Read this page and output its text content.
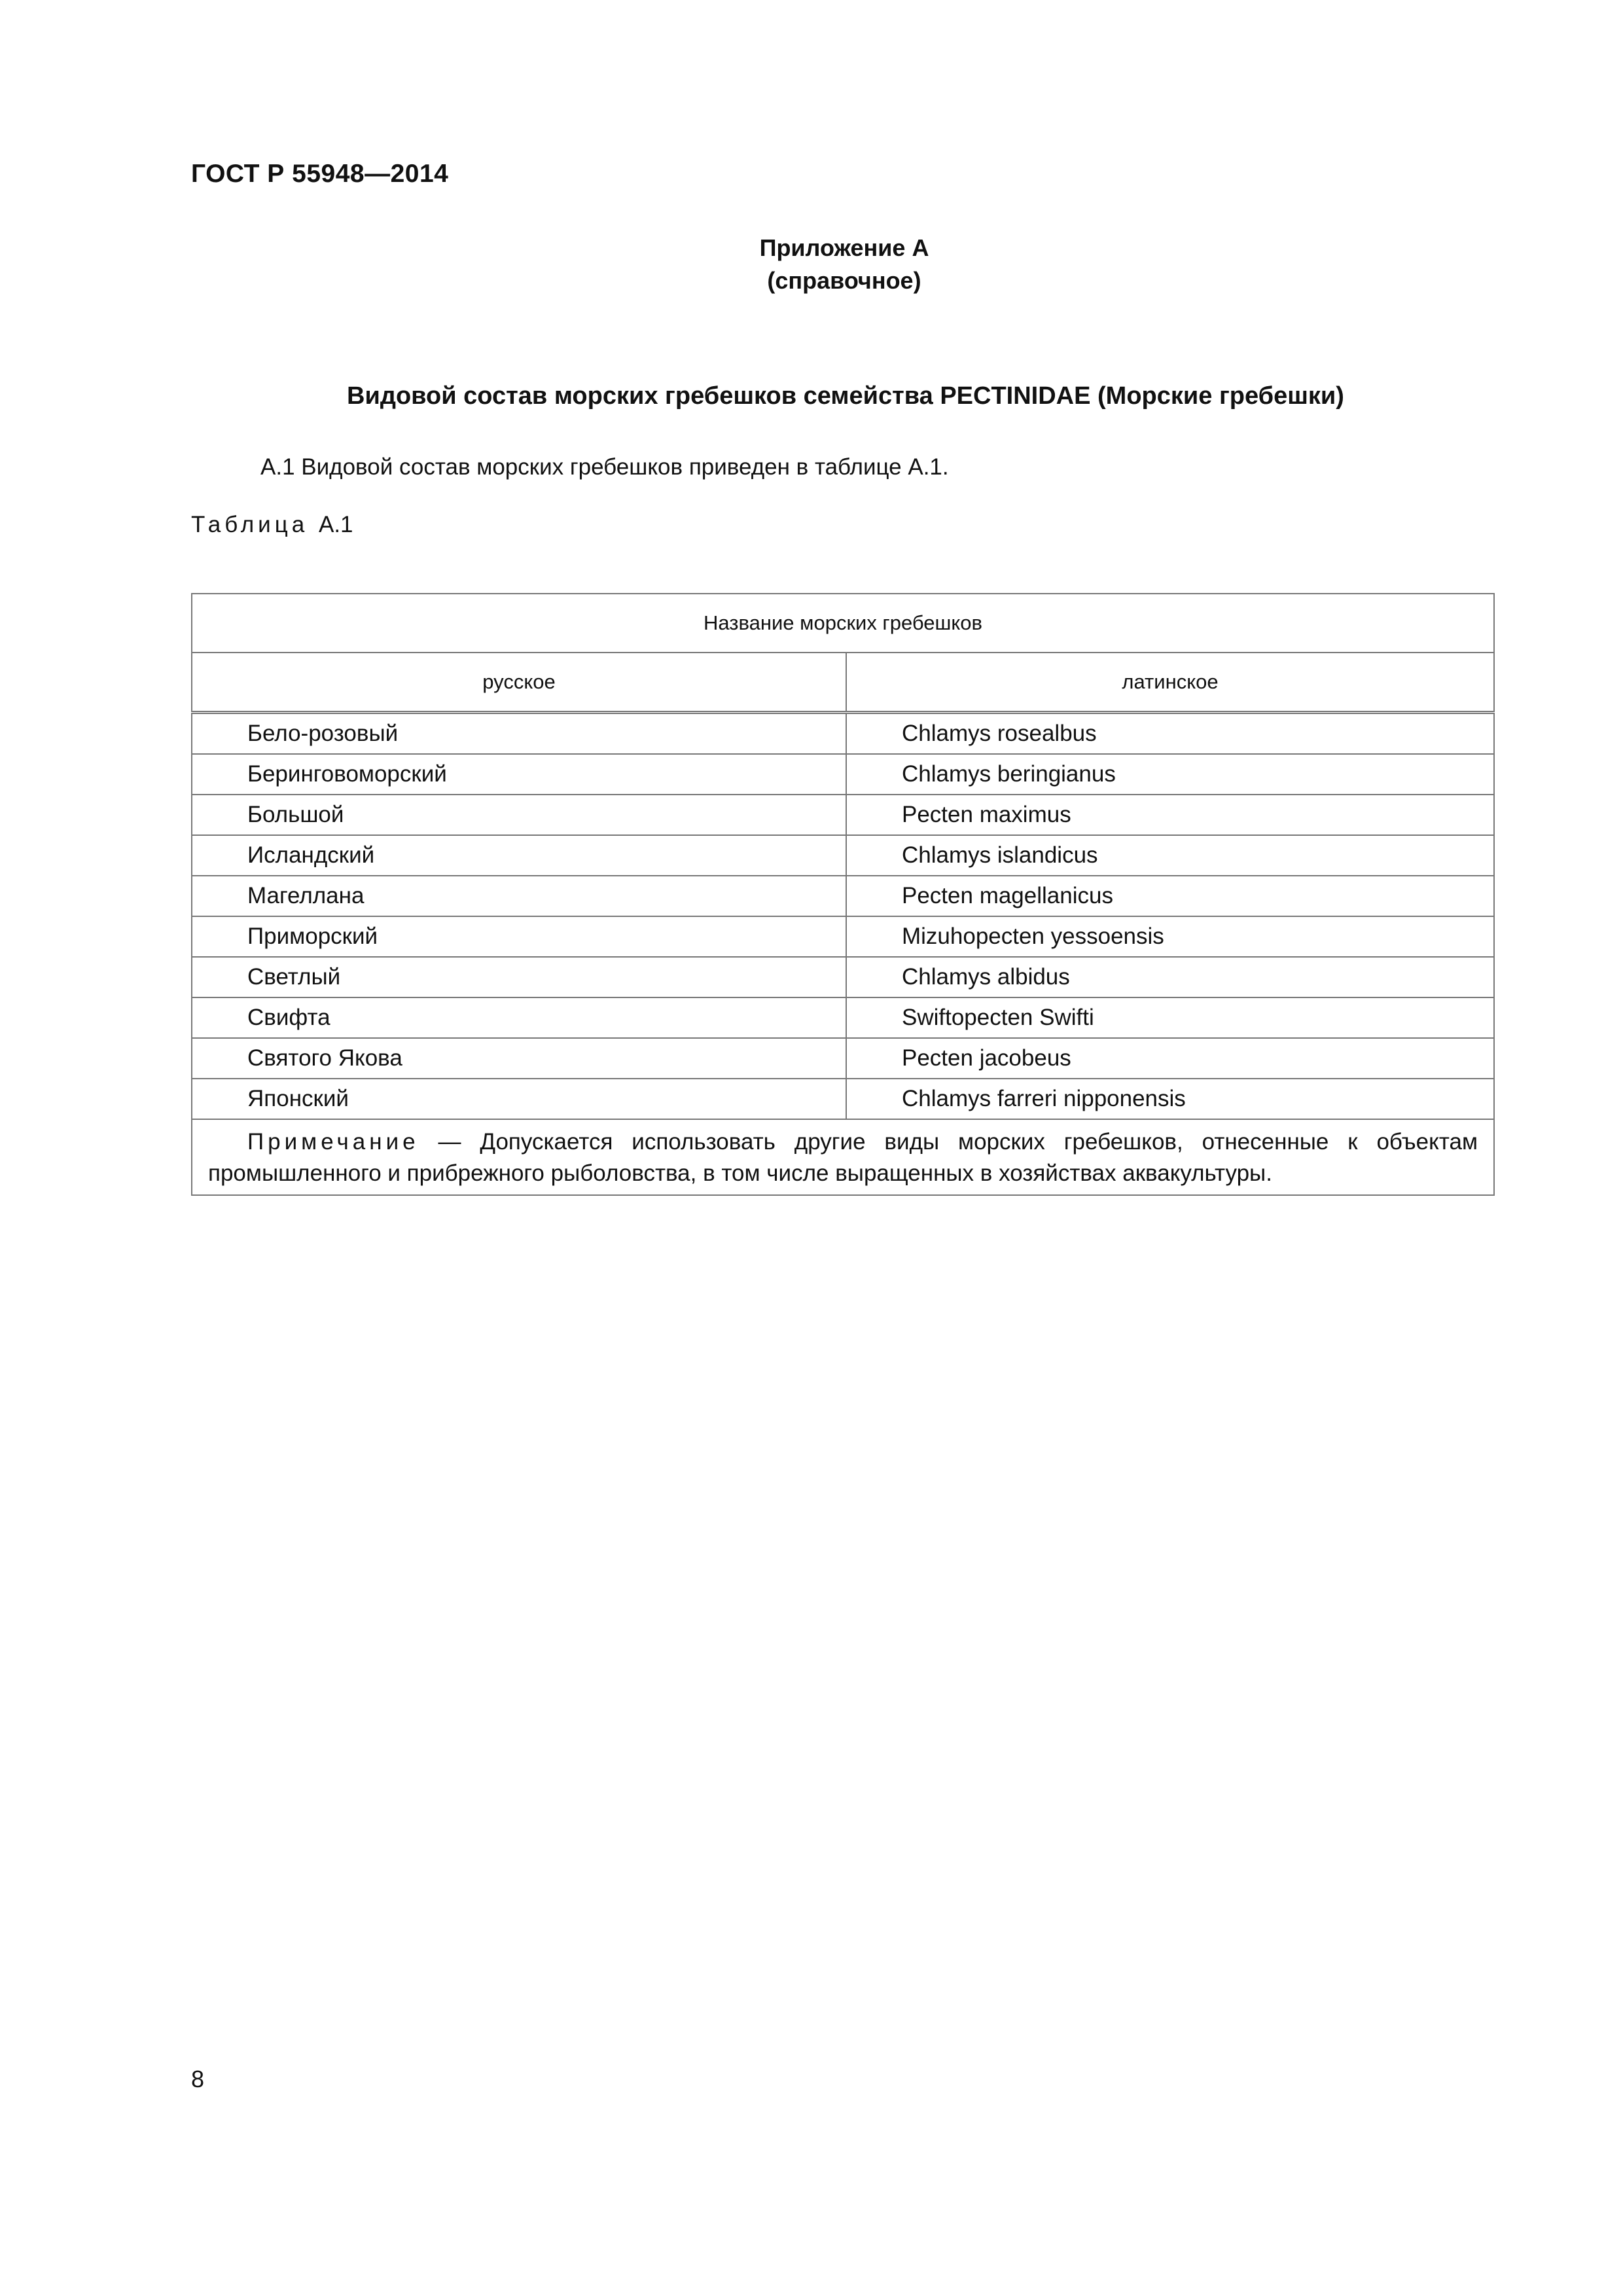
ГОСТ Р 55948—2014
Приложение А
(справочное)
Видовой состав морских гребешков семейства PECTINIDAE (Морские гребешки)
А.1 Видовой состав морских гребешков приведен в таблице А.1.
Таблица А.1
Название морских гребешков	
русское	латинское
Бело-розовый	Chlamys rosealbus
Беринговоморский	Chlamys beringianus
Большой	Pecten maximus
Исландский	Chlamys islandicus
Магеллана	Pecten magellanicus
Приморский	Mizuhopecten yessoensis
Светлый	Chlamys albidus
Свифта	Swiftopecten Swifti
Святого Якова	Pecten jacobeus
Японский	Chlamys farreri nipponensis
Примечание — Допускается использовать другие виды морских гребешков, отнесенные к объектам промышленного и прибрежного рыболовства, в том числе выращенных в хозяйствах аквакультуры.	
8
